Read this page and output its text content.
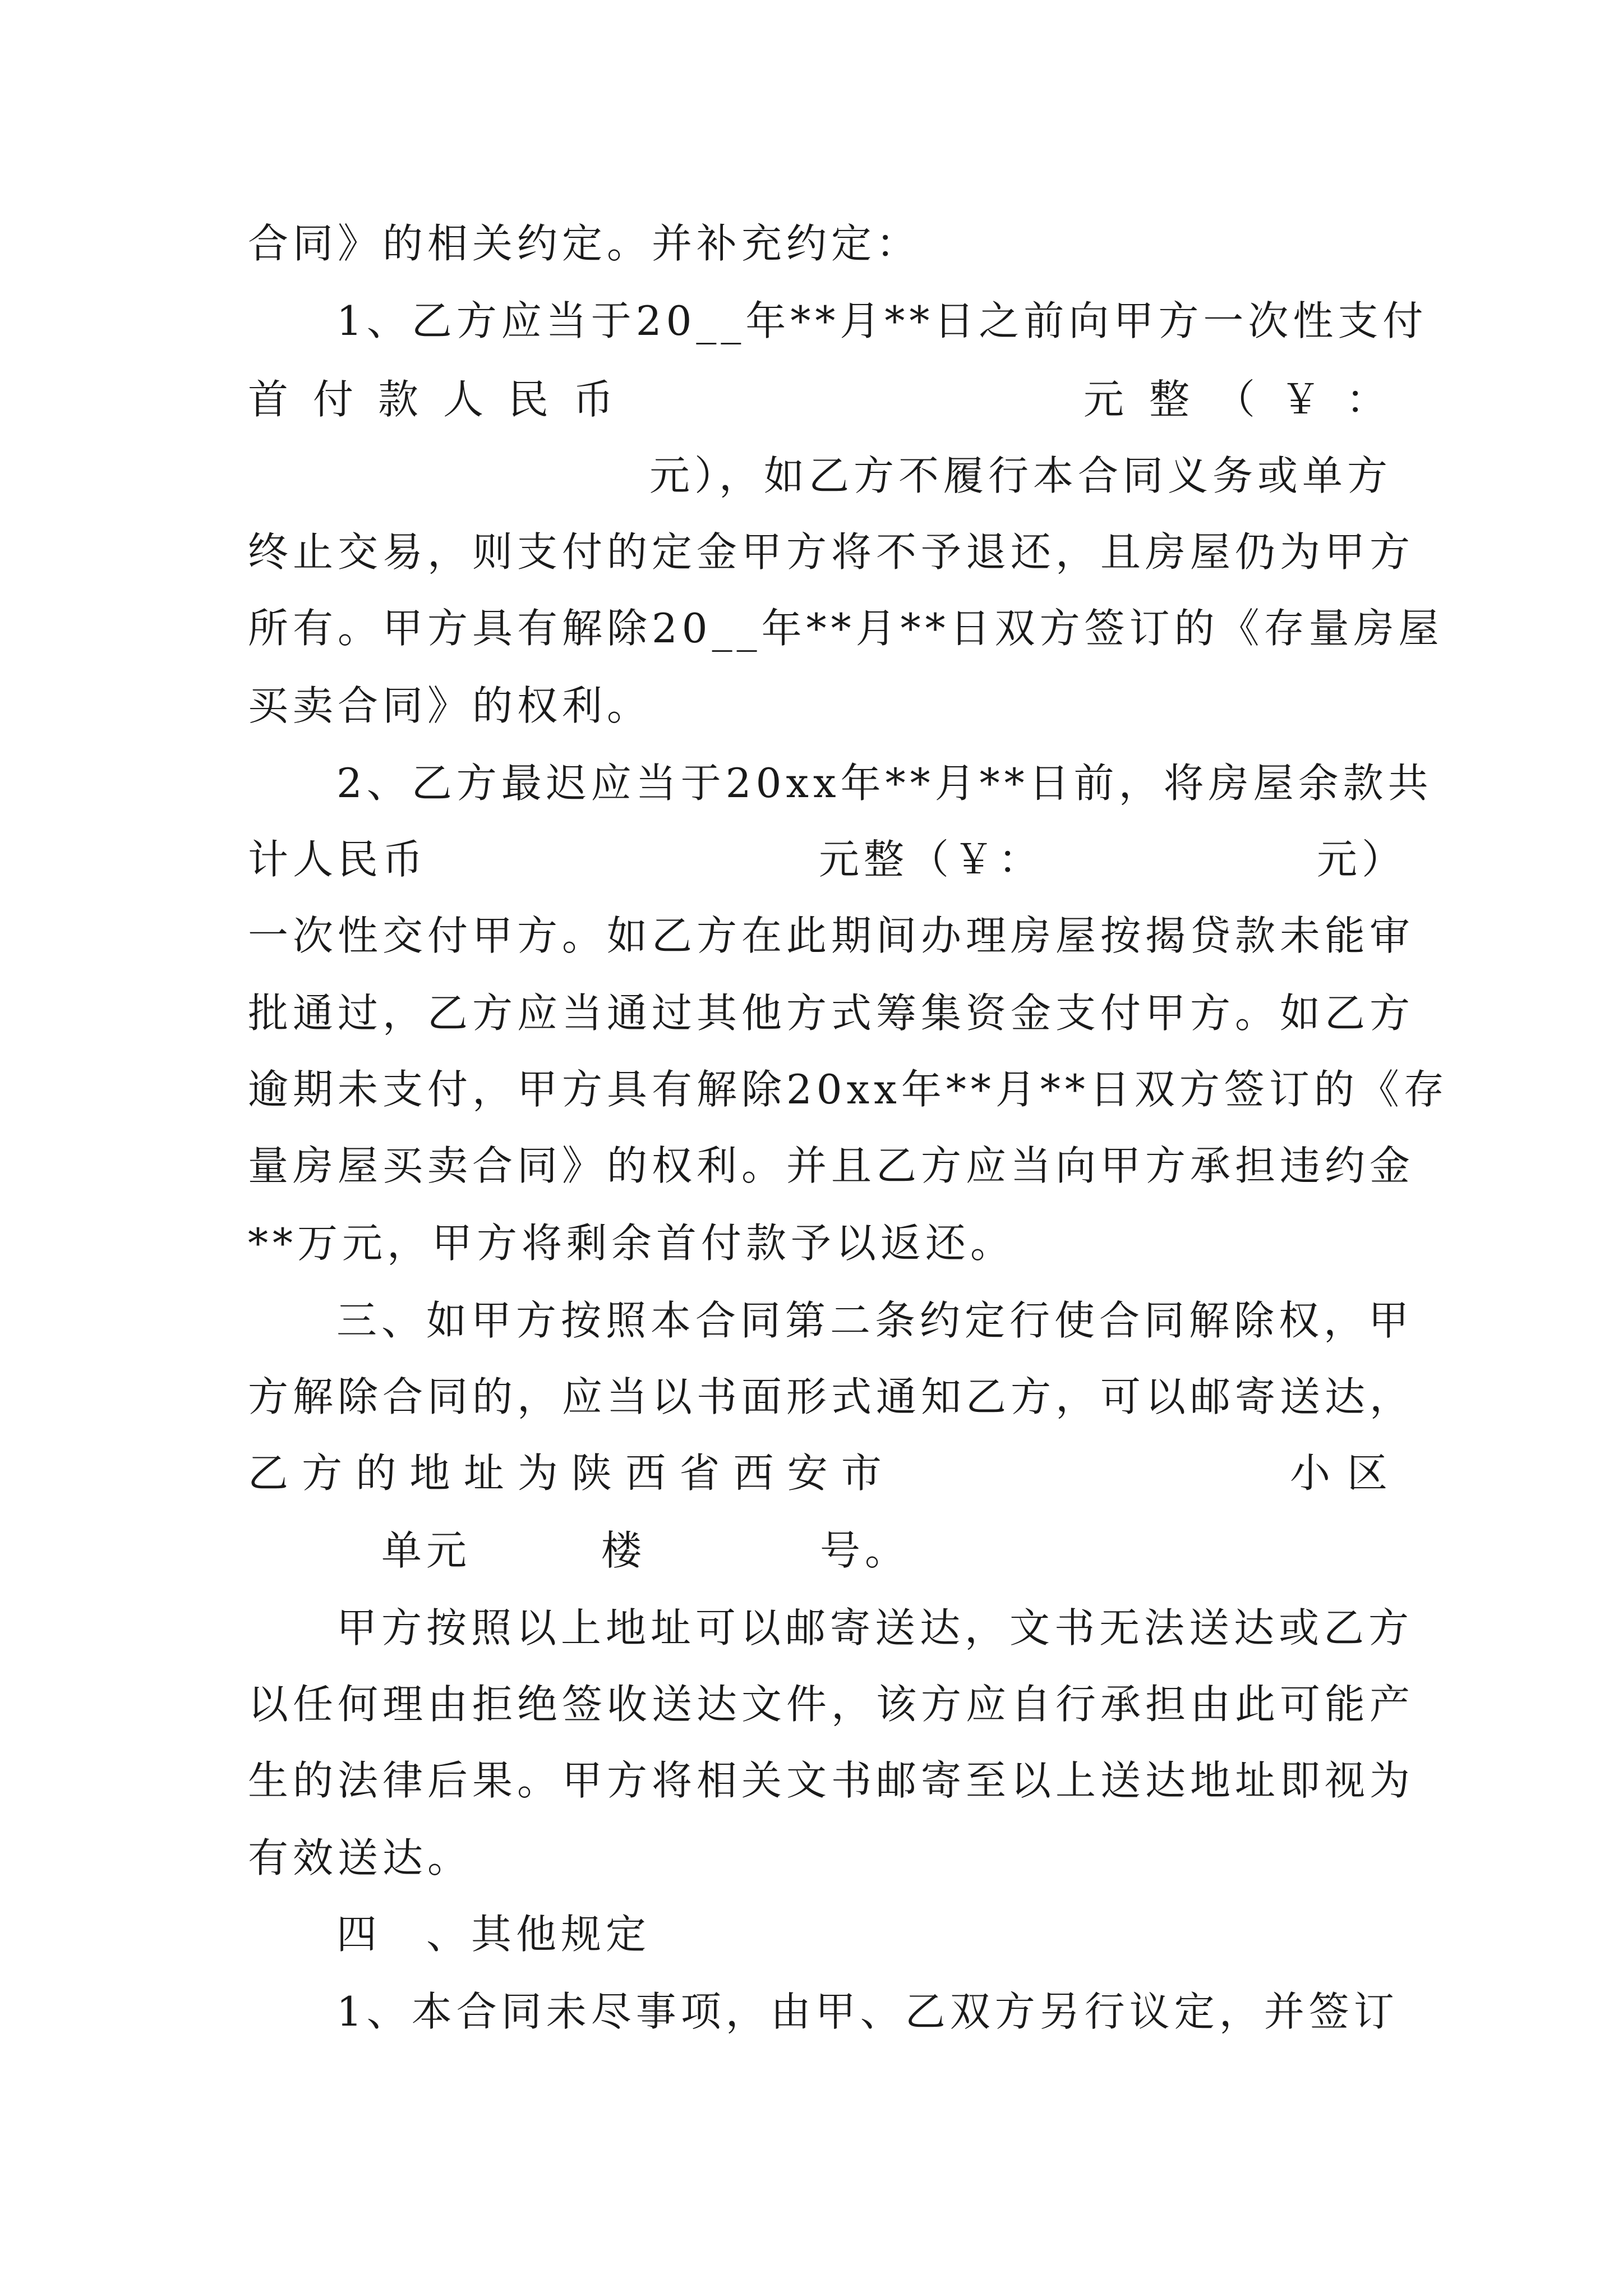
合同》的相关约定。并补充约定：

1、乙方应当于20__年**月**日之前向甲方一次性支付

首 付 款 人 民 币	元 整 （ ￥ ：

元），如乙方不履行本合同义务或单方

终止交易，则支付的定金甲方将不予退还，且房屋仍为甲方

所有。甲方具有解除20__年**月**日双方签订的《存量房屋

买卖合同》的权利。

2、乙方最迟应当于20xx年**月**日前，将房屋余款共

计人民币	元整（￥：	元）

一次性交付甲方。如乙方在此期间办理房屋按揭贷款未能审

批通过，乙方应当通过其他方式筹集资金支付甲方。如乙方

逾期未支付，甲方具有解除20xx年**月**日双方签订的《存

量房屋买卖合同》的权利。并且乙方应当向甲方承担违约金

**万元，甲方将剩余首付款予以返还。

三、如甲方按照本合同第二条约定行使合同解除权，甲

方解除合同的，应当以书面形式通知乙方，可以邮寄送达，

乙 方 的 地 址 为 陕 西 省 西 安 市	小 区

单元	楼	号。

甲方按照以上地址可以邮寄送达，文书无法送达或乙方

以任何理由拒绝签收送达文件，该方应自行承担由此可能产

生的法律后果。甲方将相关文书邮寄至以上送达地址即视为

有效送达。

四　、其他规定

1、本合同未尽事项，由甲、乙双方另行议定，并签订
